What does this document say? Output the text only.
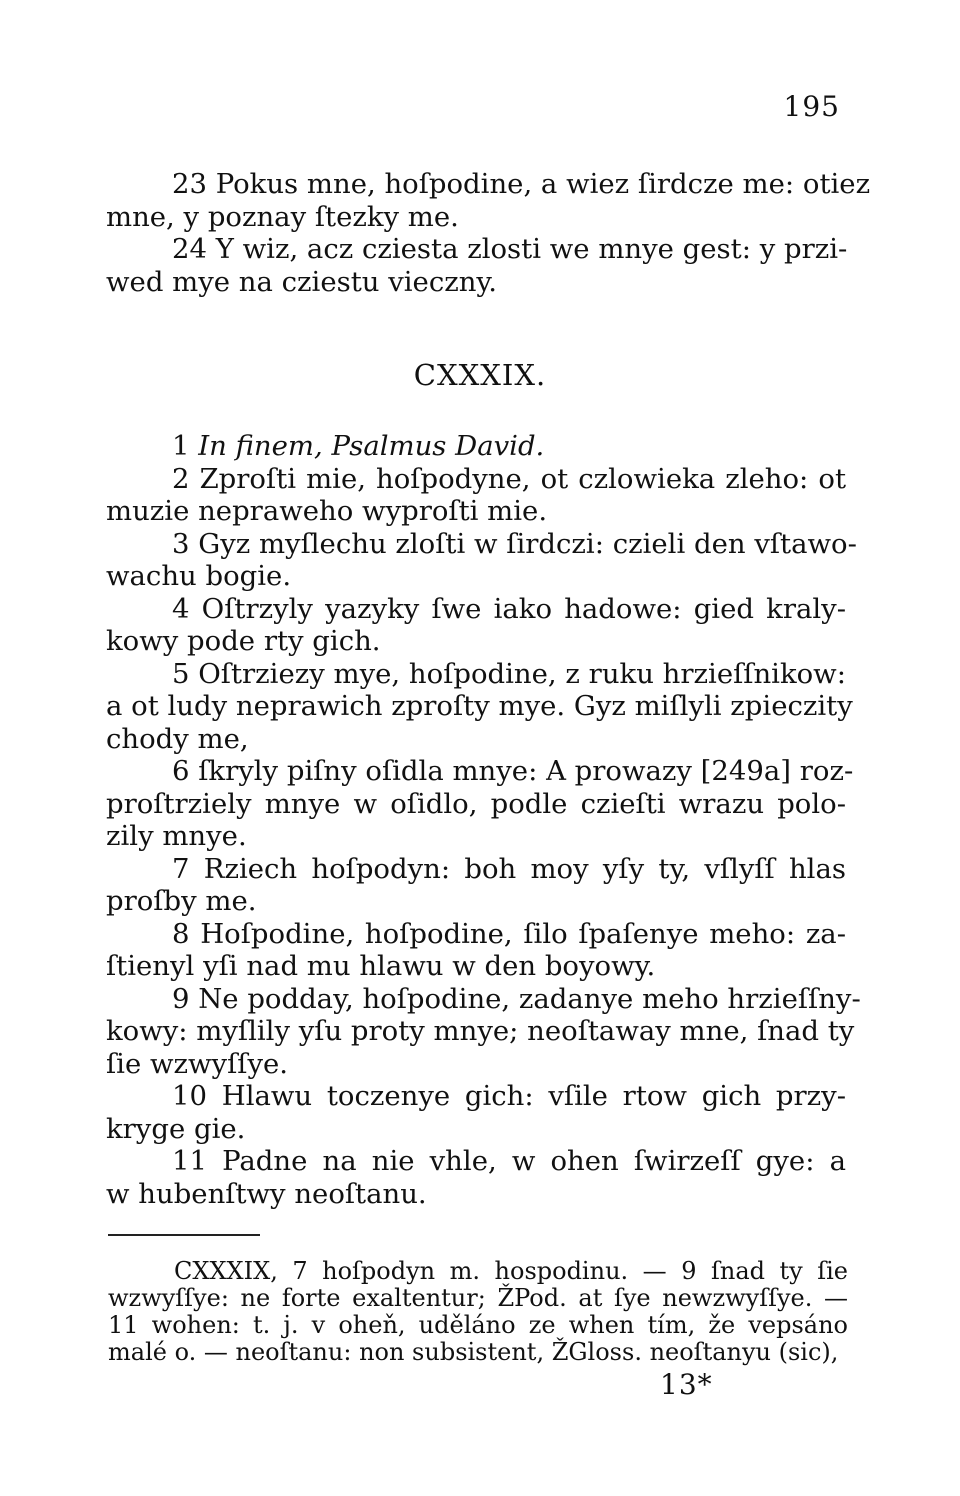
195
23 Pokus mne, hoſpodine, a wiez ſirdcze me: otiez
mne, y poznay ſtezky me.
24 Y wiz, acz cziesta zlosti we mnye gest: y przi-
wed mye na cziestu vieczny.
CXXXIX.
1 In finem, Psalmus David.
2 Zproſti mie, hoſpodyne, ot czlowieka zleho: ot
muzie nepraweho wyproſti mie.
3 Gyz myſlechu zloſti w ſirdczi: czieli den vſtawo-
wachu bogie.
4 Oſtrzyly yazyky ſwe iako hadowe: gied kraly-
kowy pode rty gich.
5 Oſtrziezy mye, hoſpodine, z ruku hrzieſſnikow:
a ot ludy neprawich zproſty mye. Gyz miſlyli zpieczity
chody me,
6 ſkryly piſny oſidla mnye: A prowazy [249a] roz-
proſtrziely mnye w oſidlo, podle czieſti wrazu polo-
zily mnye.
7 Rziech hoſpodyn: boh moy yſy ty, vſlyſſ hlas
proſby me.
8 Hoſpodine, hoſpodine, ſilo ſpaſenye meho: za-
ſtienyl yſi nad mu hlawu w den boyowy.
9 Ne podday, hoſpodine, zadanye meho hrzieſſny-
kowy: myſlily yſu proty mnye; neoſtaway mne, ſnad ty
ſie wzwyſſye.
10 Hlawu toczenye gich: vſile rtow gich przy-
kryge gie.
11 Padne na nie vhle, w ohen ſwirzeſſ gye: a
w hubenſtwy neoſtanu.
CXXXIX, 7 hoſpodyn m. hospodinu. — 9 ſnad ty ſie
wzwyſſye: ne forte exaltentur; ŽPod. at ſye newzwyſſye. —
11 wohen: t. j. v oheň, uděláno ze when tím, že vepsáno
malé o. — neoſtanu: non subsistent, ŽGloss. neoſtanyu (sic),
13*
